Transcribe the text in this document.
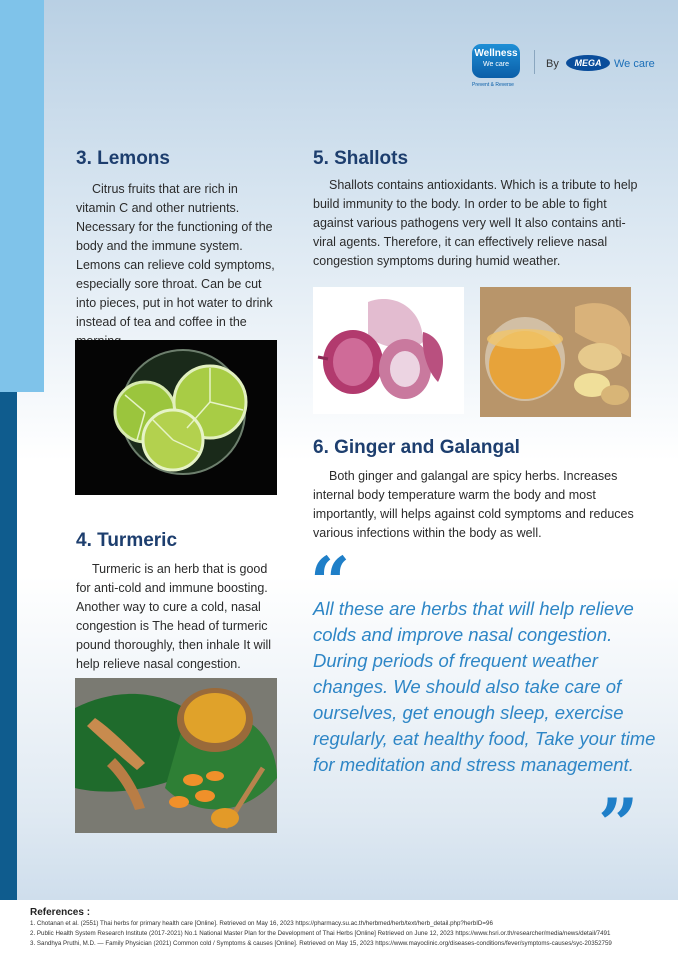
Wellness
We care
Prevent & Reverse
By	MEGA	We care
3. Lemons

Citrus fruits that are rich in vitamin C and other nutrients. Necessary for the functioning of the body and the immune system. Lemons can relieve cold symptoms, especially sore throat. Can be cut into pieces, put in hot water to drink instead of tea and coffee in the

4. Turmeric

Turmeric is an herb that is good for anti-cold and immune boosting. Another way to cure a cold, nasal congestion is The head of turmeric pound thoroughly, then inhale It will help relieve nasal congestion.

5. Shallots

Shallots contains antioxidants. Which is a tribute to help build immunity to the body. In order to be able to fight against various pathogens very well It also contains anti-viral agents. Therefore, it can effectively relieve nasal congestion symptoms during humid weather.

6. Ginger and Galangal

Both ginger and galangal are spicy herbs. Increases internal body temperature warm the body and most importantly, will helps against cold symptoms and reduces various infections within the body as well.

“

All these are herbs that will help relieve colds and improve nasal congestion. During periods of frequent weather changes. We should also take care of ourselves, get enough sleep, exercise regularly, eat healthy food, Take your time for meditation and stress management.

”
References :
1. Chotanan et al. (2551) Thai herbs for primary health care [Online]. Retrieved on May 16, 2023 https://pharmacy.su.ac.th/herbmed/herb/text/herb_detail.php?herbID=96
2. Public Health System Research Institute (2017-2021) No.1 National Master Plan for the Development of Thai Herbs [Online] Retrieved on June 12, 2023 https://www.hsri.or.th/researcher/media/news/detail/7491
3. Sandhya Pruthi, M.D. — Family Physician (2021) Common cold / Symptoms & causes [Online]. Retrieved on May 15, 2023 https://www.mayoclinic.org/diseases-conditions/fever/symptoms-causes/syc-20352759
